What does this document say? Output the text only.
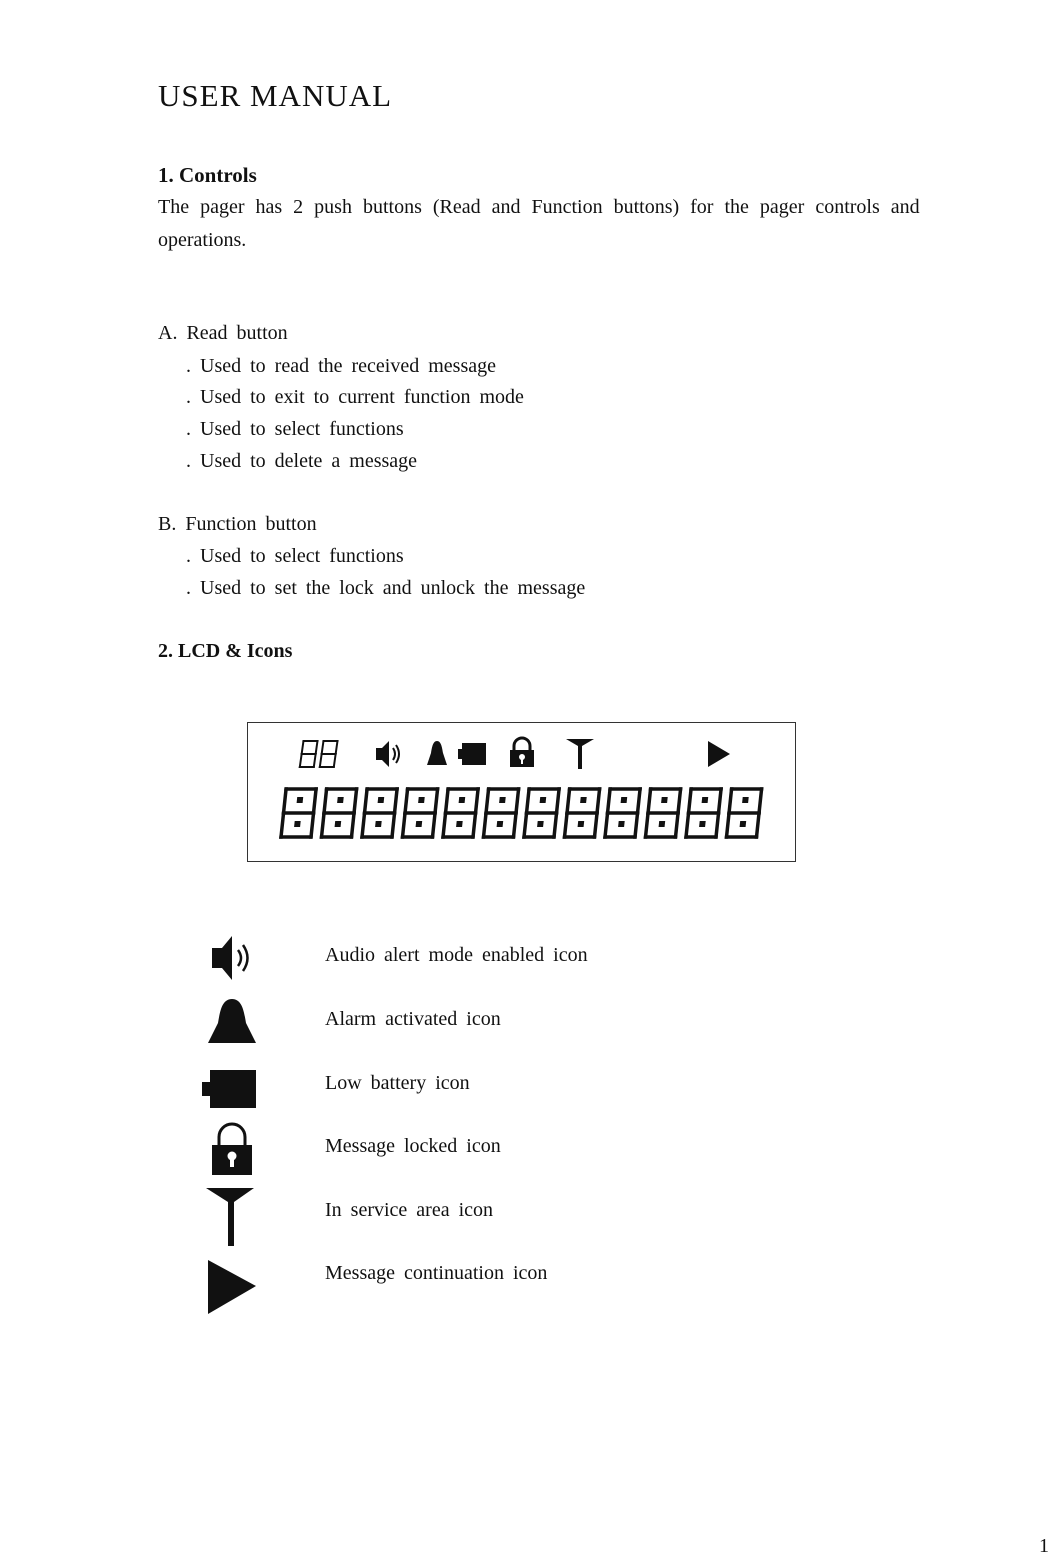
USER MANUAL
1. Controls
The pager has 2 push buttons (Read and Function buttons) for the pager controls and
operations.
A. Read button
. Used to read the received message
. Used to exit to current function mode
. Used to select functions
. Used to delete a message
B. Function button
. Used to select functions
. Used to set the lock and unlock the message
2. LCD & Icons
Audio alert mode enabled icon
Alarm activated icon
Low battery icon
Message locked icon
In service area icon
Message continuation icon
1
